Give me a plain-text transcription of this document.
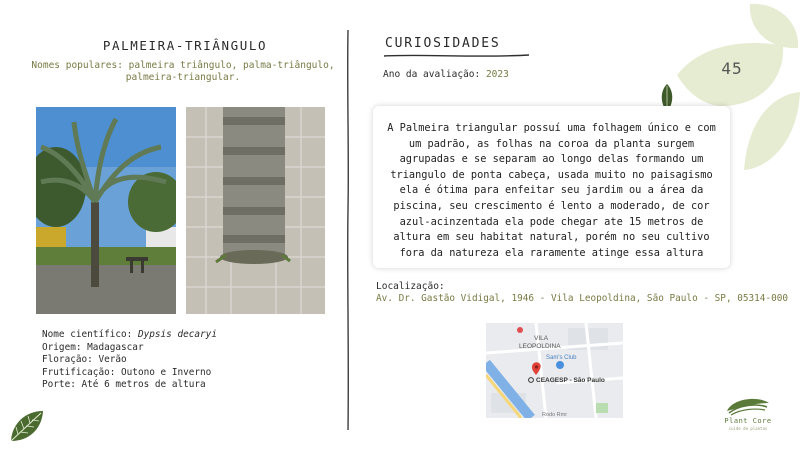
45
PALMEIRA-TRIÂNGULO
Nomes populares: palmeira triângulo, palma-triângulo, palmeira-triangular.
Nome científico: Dypsis decaryi
Origem: Madagascar
Floração: Verão
Frutificação: Outono e Inverno
Porte: Até 6 metros de altura
CURIOSIDADES
Ano da avaliação: 2023
A Palmeira triangular possuí uma folhagem único e com um padrão, as folhas na coroa da planta surgem agrupadas e se separam ao longo delas formando um triangulo de ponta cabeça, usada muito no paisagismo ela é ótima para enfeitar seu jardim ou a área da piscina, seu crescimento é lento a moderado, de cor azul-acinzentada ela pode chegar ate 15 metros de altura em seu habitat natural, porém no seu cultivo fora da natureza ela raramente atinge essa altura
Localização:
Av. Dr. Gastão Vidigal, 1946 - Vila Leopoldina, São Paulo - SP, 05314-000
VILA
LEOPOLDINA
Sam's Club
CEAGESP - São Paulo
Rodo Rmr
Plant Core
cuide de plantas
